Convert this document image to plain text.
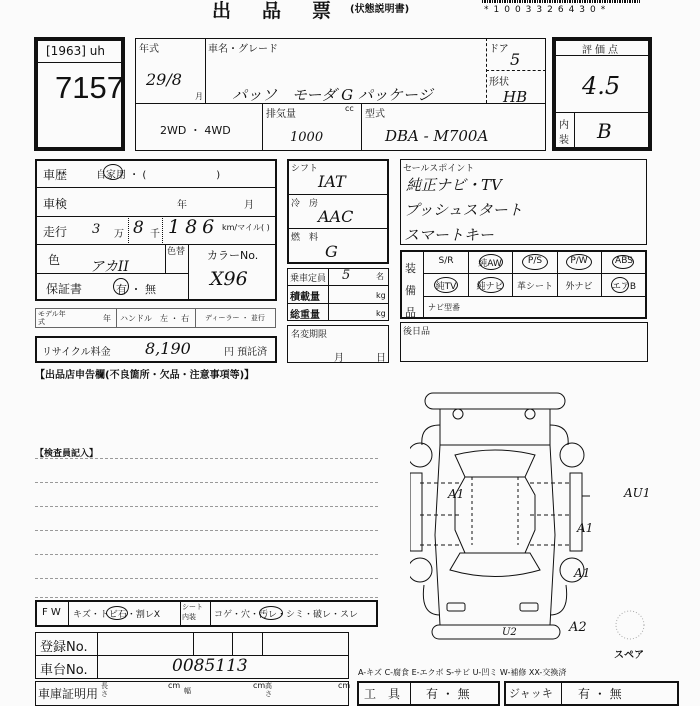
出　品　票 (状態説明書)	*1003326430*
[1963] uh
7157
年式
29/8
月
車名・グレード
パッソ　モーダ G パッケージ
ドア
5
形状
HB
2WD ・ 4WD
排気量
cc
1000
型式
DBA - M700A
評価点
4.5
内
装 B
車歴	自家用 ・ (　　　　　　　)
車検	年	月
走行 3 万 8 千 186 km/マイル( )
色 アカII
色替 カラーNo.
X96
保証書	有 ・ 無
モデル年式	年 ハンドル　左 ・ 右 ディーラー ・ 並行
リサイクル料金 8,190	円 預託済
【出品店申告欄(不良箇所・欠品・注意事項等)】
シフト
IAT
冷　房
AAC
燃　料
G
乗車定員 5	名
積載量	kg
総重量	kg
名変期限
月	日
セールスポイント
純正ナビ・TV
プッシュスタート
スマートキー
装備品
S/R	純AW	P/S	P/W	ABS
純TV	純ナビ	革シート	外ナビ	エアB
ナビ型番
後日品
【検査員記入】
F W キズ・トビ石・割レX
シート内装	コゲ・穴・汚レ・シミ・破レ・スレ
登録No.
車台No.	0085113
車庫証明用
長さ
cm
幅
cm 高さ
cm
A1	AU1
A1
A1
U2	A2
スペア
A-キズ C-腐食 E-エクボ S-サビ U-凹ミ W-補修 XX-交換済
工　具 有 ・ 無	ジャッキ 有 ・ 無
